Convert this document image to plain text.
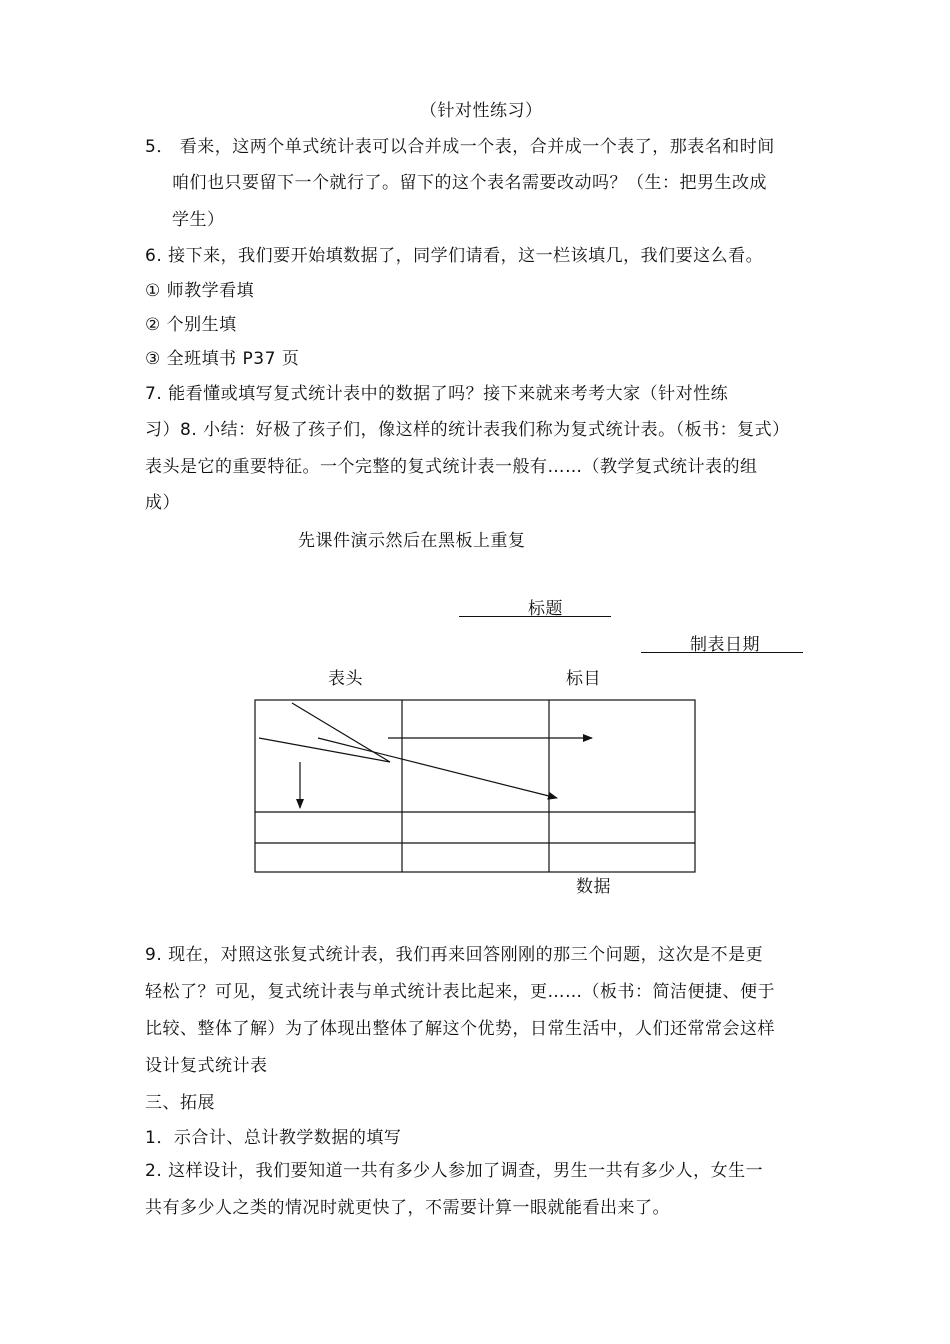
（针对性练习）
5． 看来，这两个单式统计表可以合并成一个表，合并成一个表了，那表名和时间
咱们也只要留下一个就行了。留下的这个表名需要改动吗？（生：把男生改成
学生）
6. 接下来，我们要开始填数据了，同学们请看，这一栏该填几，我们要这么看。
① 师教学看填
② 个别生填
③ 全班填书 P37 页
7. 能看懂或填写复式统计表中的数据了吗？接下来就来考考大家（针对性练
习）8. 小结：好极了孩子们，像这样的统计表我们称为复式统计表。（板书：复式）
表头是它的重要特征。一个完整的复式统计表一般有……（教学复式统计表的组
成）
先课件演示然后在黑板上重复
标题
制表日期
表头	标目
数据
9. 现在，对照这张复式统计表，我们再来回答刚刚的那三个问题，这次是不是更
轻松了？可见，复式统计表与单式统计表比起来，更……（板书：简洁便捷、便于
比较、整体了解）为了体现出整体了解这个优势，日常生活中，人们还常常会这样
设计复式统计表
三、拓展
1．示合计、总计教学数据的填写
2. 这样设计，我们要知道一共有多少人参加了调查，男生一共有多少人，女生一
共有多少人之类的情况时就更快了，不需要计算一眼就能看出来了。
